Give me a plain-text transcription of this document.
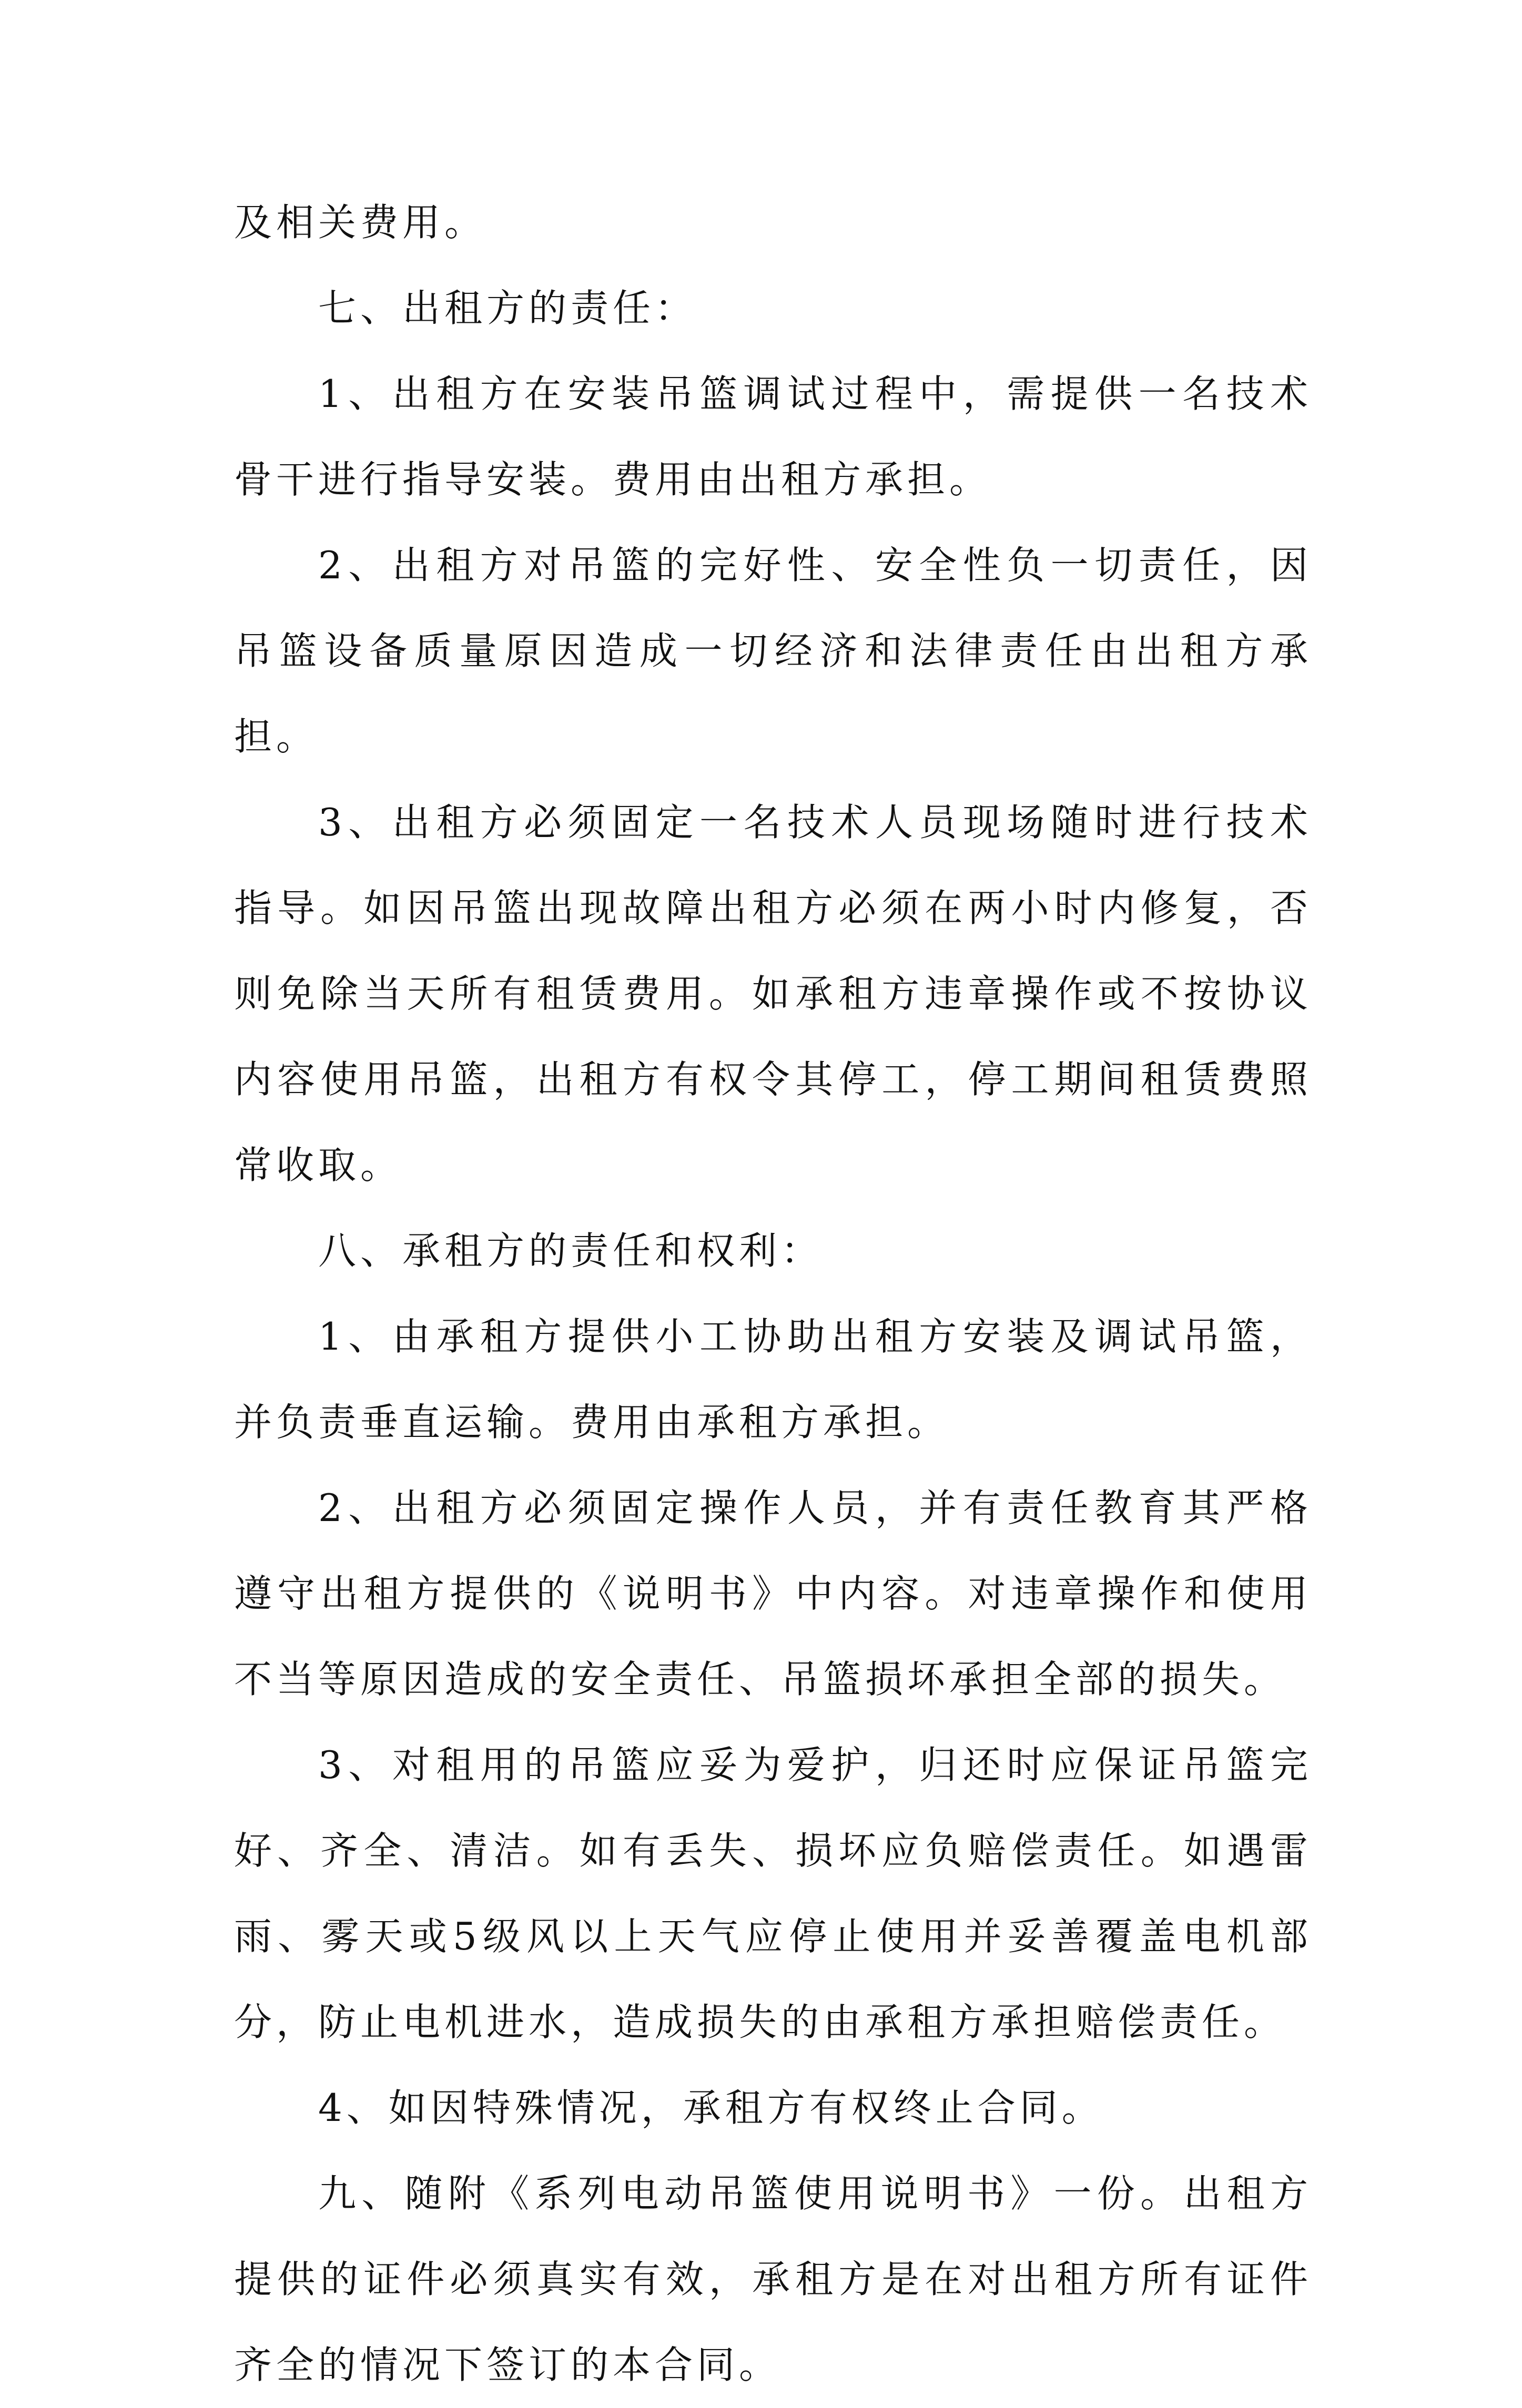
及相关费用。

七、出租方的责任：

1、出租方在安装吊篮调试过程中，需提供一名技术骨干进行指导安装。费用由出租方承担。

2、出租方对吊篮的完好性、安全性负一切责任，因吊篮设备质量原因造成一切经济和法律责任由出租方承担。

3、出租方必须固定一名技术人员现场随时进行技术指导。如因吊篮出现故障出租方必须在两小时内修复，否则免除当天所有租赁费用。如承租方违章操作或不按协议内容使用吊篮，出租方有权令其停工，停工期间租赁费照常收取。

八、承租方的责任和权利：

1、由承租方提供小工协助出租方安装及调试吊篮，并负责垂直运输。费用由承租方承担。

2、出租方必须固定操作人员，并有责任教育其严格遵守出租方提供的《说明书》中内容。对违章操作和使用不当等原因造成的安全责任、吊篮损坏承担全部的损失。

3、对租用的吊篮应妥为爱护，归还时应保证吊篮完好、齐全、清洁。如有丢失、损坏应负赔偿责任。如遇雷雨、雾天或5级风以上天气应停止使用并妥善覆盖电机部分，防止电机进水，造成损失的由承租方承担赔偿责任。

4、如因特殊情况，承租方有权终止合同。

九、随附《系列电动吊篮使用说明书》一份。出租方提供的证件必须真实有效，承租方是在对出租方所有证件齐全的情况下签订的本合同。
